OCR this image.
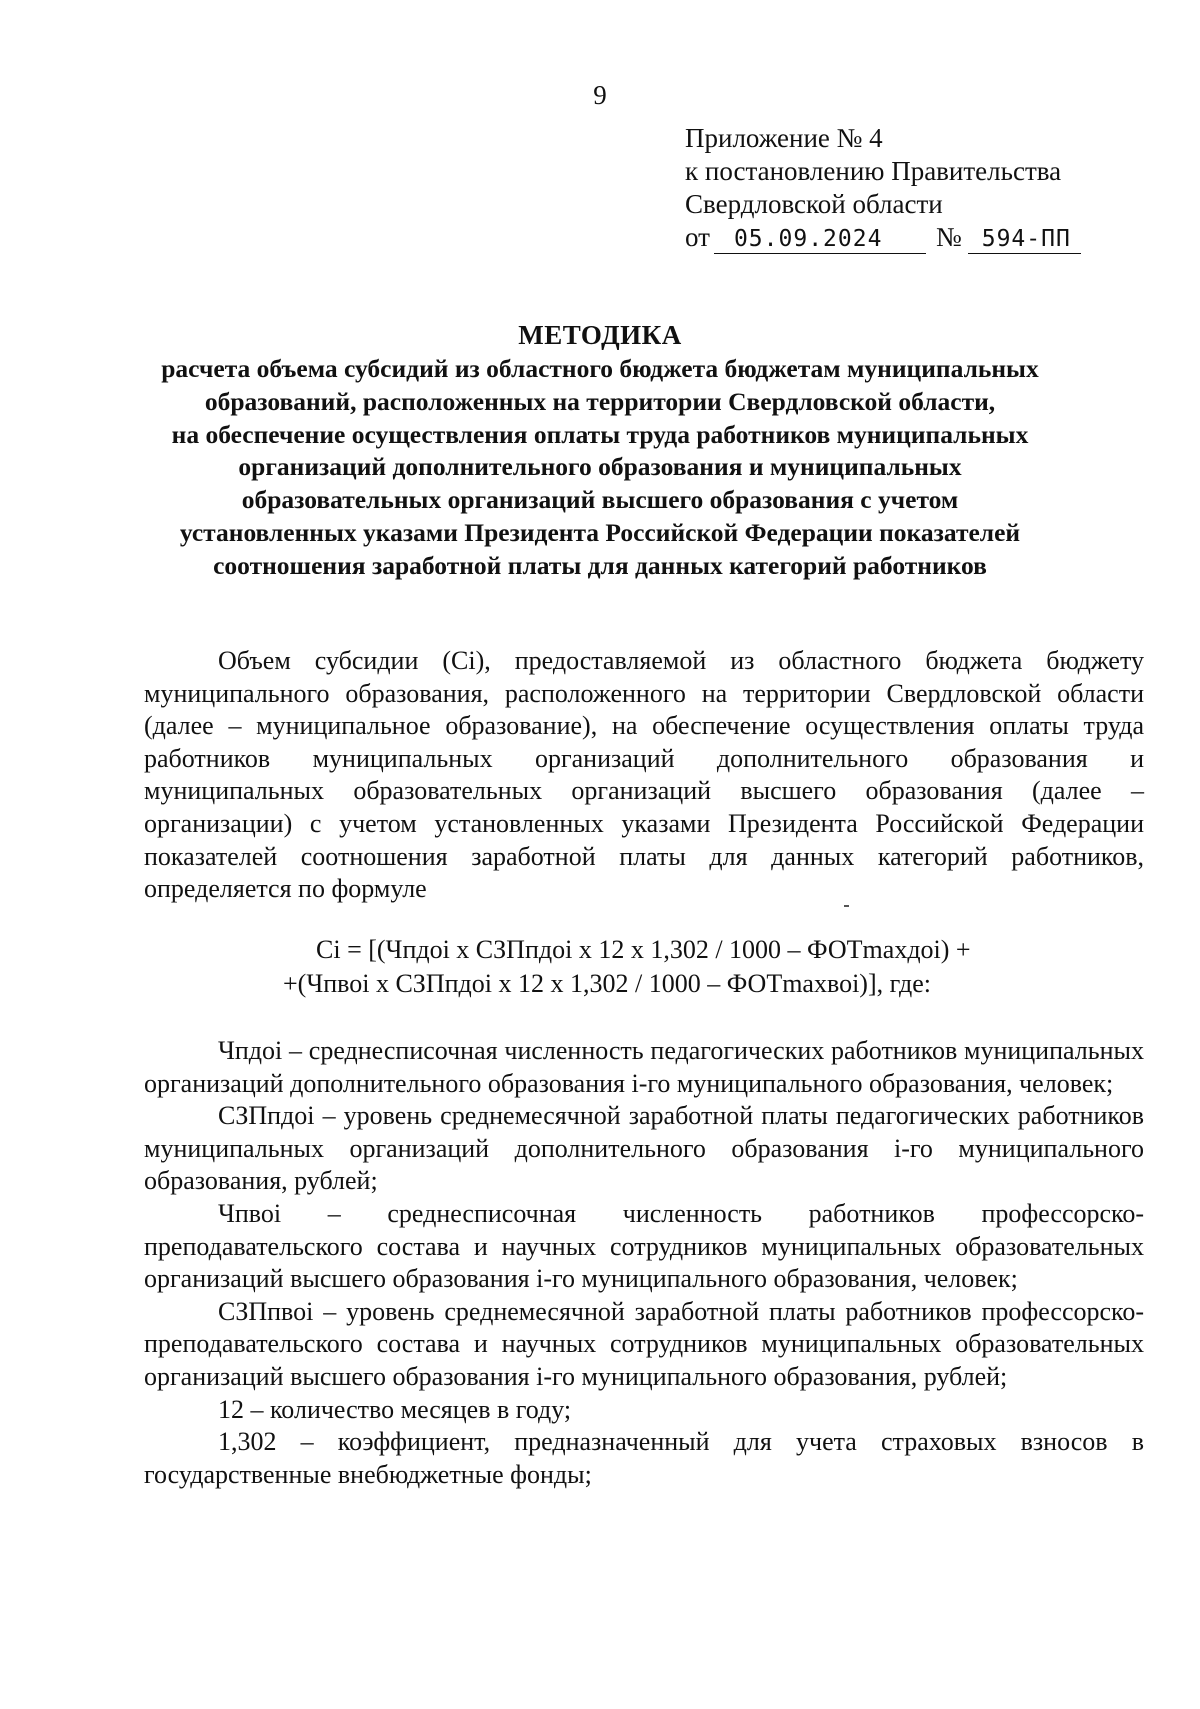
9
Приложение № 4
к постановлению Правительства
Свердловской области
от	05.09.2024	№ 594-ПП
МЕТОДИКА
расчета объема субсидий из областного бюджета бюджетам муниципальных
образований, расположенных на территории Свердловской области,
на обеспечение осуществления оплаты труда работников муниципальных
организаций дополнительного образования и муниципальных
образовательных организаций высшего образования с учетом
установленных указами Президента Российской Федерации показателей
соотношения заработной платы для данных категорий работников
Объем субсидии (Ci), предоставляемой из областного бюджета бюджету муниципального образования, расположенного на территории Свердловской области (далее – муниципальное образование), на обеспечение осуществления оплаты труда работников муниципальных организаций дополнительного образования и муниципальных образовательных организаций высшего образования (далее – организации) с учетом установленных указами Президента Российской Федерации показателей соотношения заработной платы для данных категорий работников, определяется по формуле
Ci = [(Чпдоi x СЗПпдоi x 12 x 1,302 / 1000 – ФОТmахдоi) +
+(Чпвоi x СЗПпдоi x 12 x 1,302 / 1000 – ФОТmахвоi)], где:

Чпдоi – среднесписочная численность педагогических работников муниципальных организаций дополнительного образования i-го муниципального образования, человек;

СЗПпдоi – уровень среднемесячной заработной платы педагогических работников муниципальных организаций дополнительного образования i-го муниципального образования, рублей;

Чпвоi – среднесписочная численность работников профессорско-преподавательского состава и научных сотрудников муниципальных образовательных организаций высшего образования i-го муниципального образования, человек;

СЗПпвоi – уровень среднемесячной заработной платы работников профессорско-преподавательского состава и научных сотрудников муниципальных образовательных организаций высшего образования i-го муниципального образования, рублей;

12 – количество месяцев в году;

1,302 – коэффициент, предназначенный для учета страховых взносов в государственные внебюджетные фонды;
